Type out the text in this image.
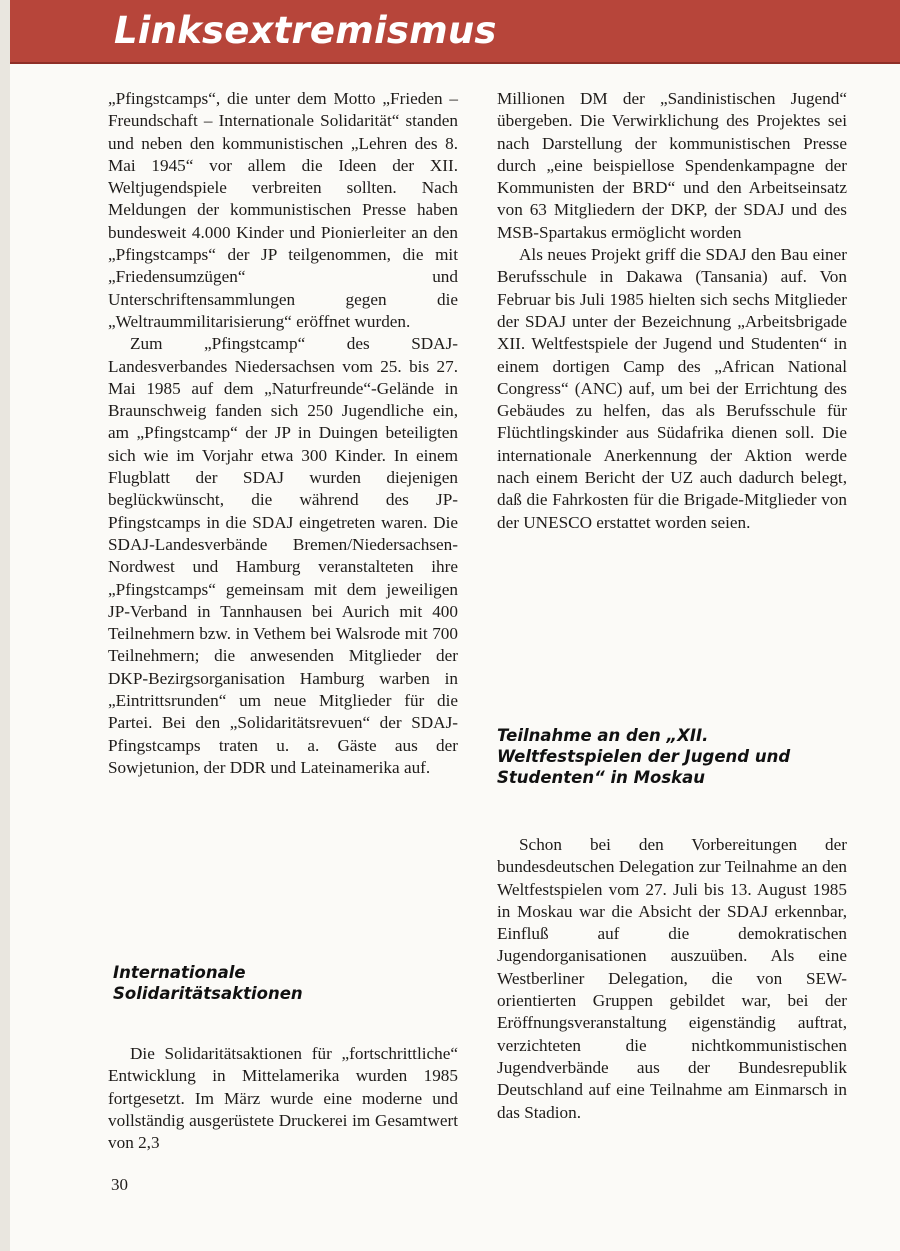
Linksextremismus

„Pfingstcamps“, die unter dem Motto „Frieden – Freundschaft – Internationale Solidarität“ standen und neben den kommunistischen „Lehren des 8. Mai 1945“ vor allem die Ideen der XII. Weltjugendspiele verbreiten sollten. Nach Meldungen der kommunistischen Presse haben bundesweit 4.000 Kinder und Pionierleiter an den „Pfingstcamps“ der JP teilgenommen, die mit „Friedensumzügen“ und Unterschriftensammlungen gegen die „Weltraummilitarisierung“ eröffnet wurden.

Zum „Pfingstcamp“ des SDAJ-Landesverbandes Niedersachsen vom 25. bis 27. Mai 1985 auf dem „Naturfreunde“-Gelände in Braunschweig fanden sich 250 Jugendliche ein, am „Pfingstcamp“ der JP in Duingen beteiligten sich wie im Vorjahr etwa 300 Kinder. In einem Flugblatt der SDAJ wurden diejenigen beglückwünscht, die während des JP-Pfingstcamps in die SDAJ eingetreten waren. Die SDAJ-Landesverbände Bremen/Niedersachsen-Nordwest und Hamburg veranstalteten ihre „Pfingstcamps“ gemeinsam mit dem jeweiligen JP-Verband in Tannhausen bei Aurich mit 400 Teilnehmern bzw. in Vethem bei Walsrode mit 700 Teilnehmern; die anwesenden Mitglieder der DKP-Bezirgsorganisation Hamburg warben in „Eintrittsrunden“ um neue Mitglieder für die Partei. Bei den „Solidaritätsrevuen“ der SDAJ-Pfingstcamps traten u. a. Gäste aus der Sowjetunion, der DDR und Lateinamerika auf.

Internationale Solidaritätsaktionen

Die Solidaritätsaktionen für „fortschrittliche“ Entwicklung in Mittelamerika wurden 1985 fortgesetzt. Im März wurde eine moderne und vollständig ausgerüstete Druckerei im Gesamtwert von 2,3

Millionen DM der „Sandinistischen Jugend“ übergeben. Die Verwirklichung des Projektes sei nach Darstellung der kommunistischen Presse durch „eine beispiellose Spendenkampagne der Kommunisten der BRD“ und den Arbeitseinsatz von 63 Mitgliedern der DKP, der SDAJ und des MSB-Spartakus ermöglicht worden

Als neues Projekt griff die SDAJ den Bau einer Berufsschule in Dakawa (Tansania) auf. Von Februar bis Juli 1985 hielten sich sechs Mitglieder der SDAJ unter der Bezeichnung „Arbeitsbrigade XII. Weltfestspiele der Jugend und Studenten“ in einem dortigen Camp des „African National Congress“ (ANC) auf, um bei der Errichtung des Gebäudes zu helfen, das als Berufsschule für Flüchtlingskinder aus Südafrika dienen soll. Die internationale Anerkennung der Aktion werde nach einem Bericht der UZ auch dadurch belegt, daß die Fahrkosten für die Brigade-Mitglieder von der UNESCO erstattet worden seien.

Teilnahme an den „XII. Weltfestspielen der Jugend und Studenten“ in Moskau

Schon bei den Vorbereitungen der bundesdeutschen Delegation zur Teilnahme an den Weltfestspielen vom 27. Juli bis 13. August 1985 in Moskau war die Absicht der SDAJ erkennbar, Einfluß auf die demokratischen Jugendorganisationen auszuüben. Als eine Westberliner Delegation, die von SEW-orientierten Gruppen gebildet war, bei der Eröffnungsveranstaltung eigenständig auftrat, verzichteten die nichtkommunistischen Jugendverbände aus der Bundesrepublik Deutschland auf eine Teilnahme am Einmarsch in das Stadion.

30
